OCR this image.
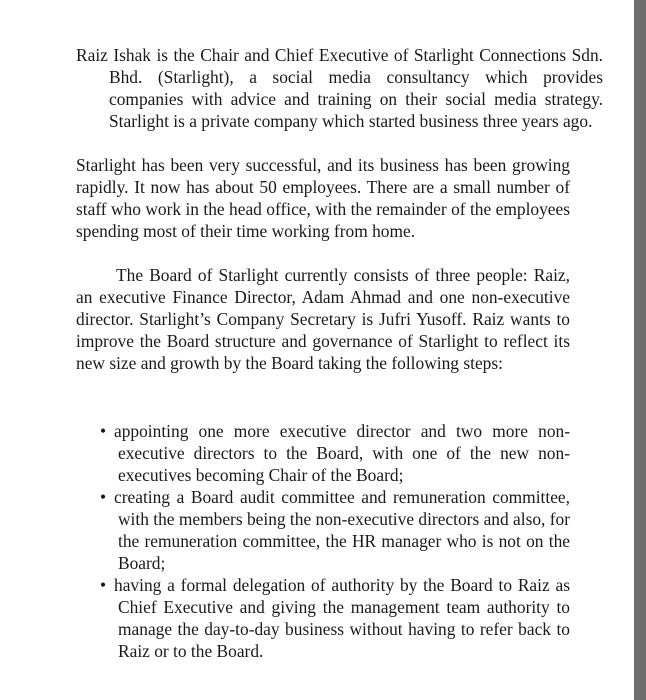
Raiz Ishak is the Chair and Chief Executive of Starlight Connections Sdn. Bhd. (Starlight), a social media consultancy which provides companies with advice and training on their social media strategy. Starlight is a private company which started business three years ago.
Starlight has been very successful, and its business has been growing rapidly. It now has about 50 employees. There are a small number of staff who work in the head office, with the remainder of the employees spending most of their time working from home.
The Board of Starlight currently consists of three people: Raiz, an executive Finance Director, Adam Ahmad and one non-executive director. Starlight’s Company Secretary is Jufri Yusoff. Raiz wants to improve the Board structure and governance of Starlight to reflect its new size and growth by the Board taking the following steps:
• appointing one more executive director and two more non-executive directors to the Board, with one of the new non-executives becoming Chair of the Board;
• creating a Board audit committee and remuneration committee, with the members being the non-executive directors and also, for the remuneration committee, the HR manager who is not on the Board;
• having a formal delegation of authority by the Board to Raiz as Chief Executive and giving the management team authority to manage the day-to-day business without having to refer back to Raiz or to the Board.
